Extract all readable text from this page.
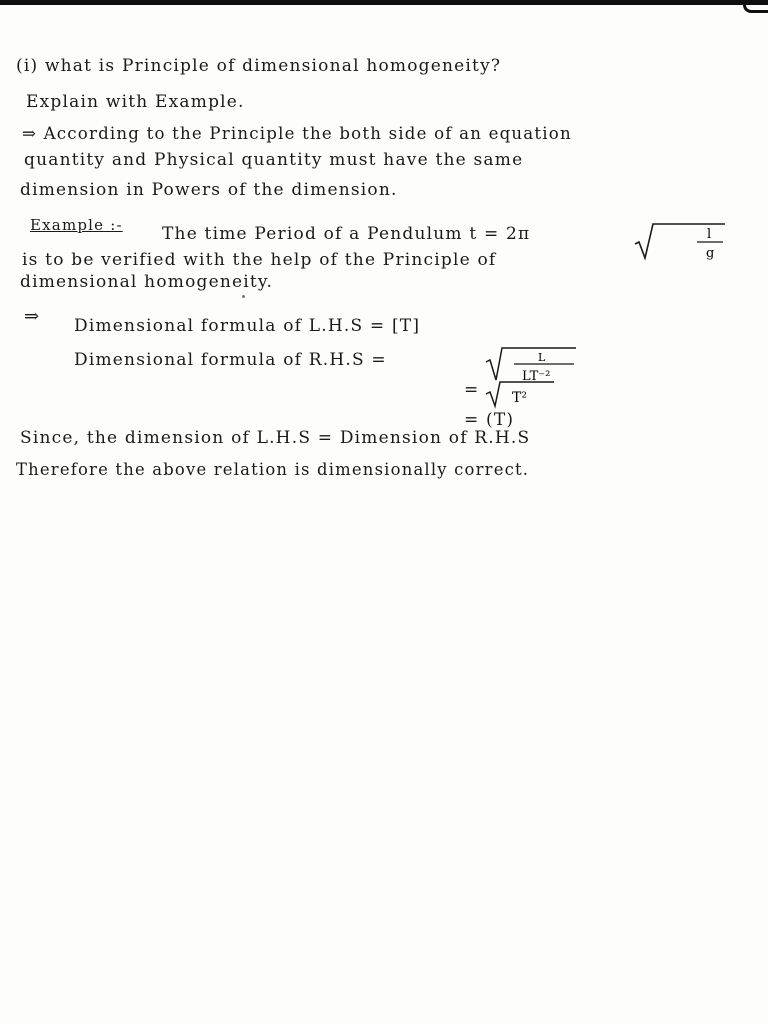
(i) what is Principle of dimensional homogeneity?
Explain with Example.
⇒ According to the Principle the both side of an equation
quantity and Physical quantity must have the same
dimension in Powers of the dimension.
Example :- The time Period of a Pendulum t = 2π	l
g
is to be verified with the help of the Principle of
dimensional homogeneity.
⇒ Dimensional formula of L.H.S = [T]
Dimensional formula of R.H.S =	L
LT⁻²
= T²
= (T)
Since, the dimension of L.H.S = Dimension of R.H.S
Therefore the above relation is dimensionally correct.
